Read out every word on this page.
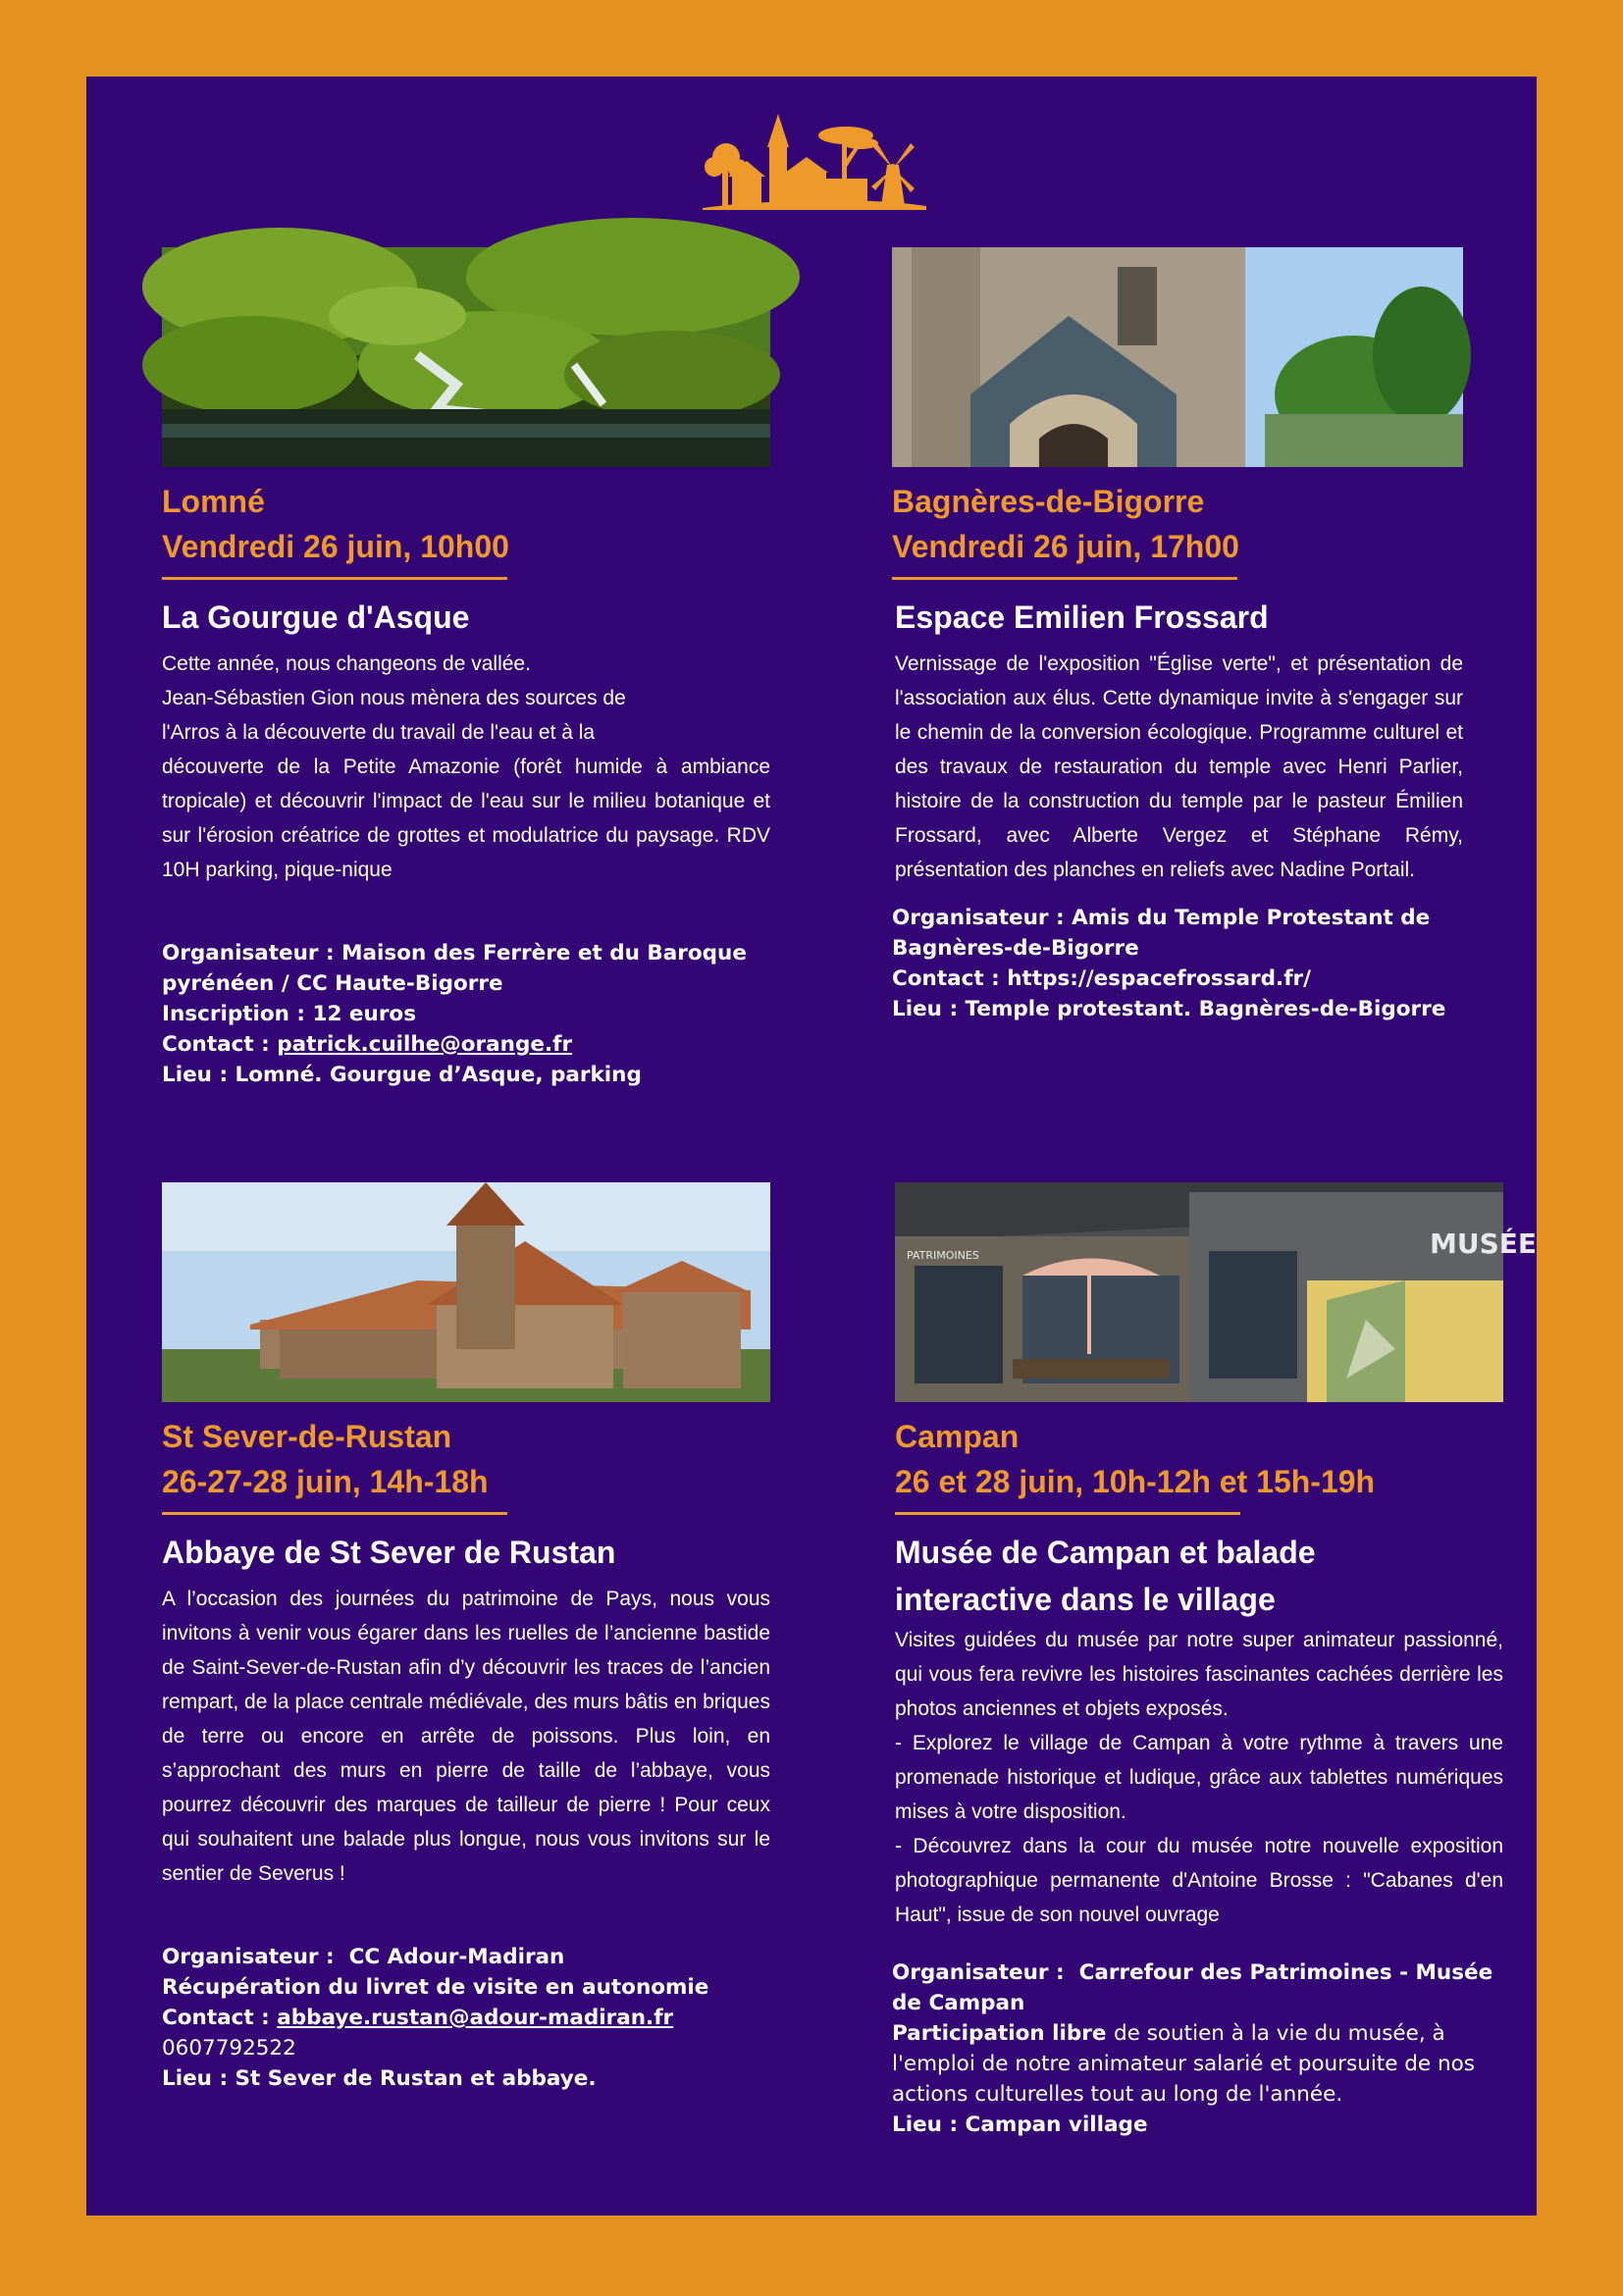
Lomné
Vendredi 26 juin, 10h00
La Gourgue d'Asque

Cette année, nous changeons de vallée.

Jean-Sébastien Gion nous mènera des sources de

l'Arros à la découverte du travail de l'eau et à la

découverte de la Petite Amazonie (forêt humide à ambiance tropicale) et découvrir l'impact de l'eau sur le milieu botanique et sur l'érosion créatrice de grottes et modulatrice du paysage. RDV 10H parking, pique-nique

Organisateur : Maison des Ferrère et du Baroque pyrénéen / CC Haute-Bigorre
Inscription : 12 euros
Contact : patrick.cuilhe@orange.fr
Lieu : Lomné. Gourgue d’Asque, parking
Bagnères-de-Bigorre
Vendredi 26 juin, 17h00
Espace Emilien Frossard

Vernissage de l'exposition "Église verte", et présentation de l'association aux élus. Cette dynamique invite à s'engager sur le chemin de la conversion écologique. Programme culturel et des travaux de restauration du temple avec Henri Parlier, histoire de la construction du temple par le pasteur Émilien Frossard, avec Alberte Vergez et Stéphane Rémy, présentation des planches en reliefs avec Nadine Portail.

Organisateur : Amis du Temple Protestant de Bagnères-de-Bigorre
Contact : https://espacefrossard.fr/
Lieu : Temple protestant. Bagnères-de-Bigorre
St Sever-de-Rustan
26-27-28 juin, 14h-18h
Abbaye de St Sever de Rustan

A l’occasion des journées du patrimoine de Pays, nous vous invitons à venir vous égarer dans les ruelles de l’ancienne bastide de Saint-Sever-de-Rustan afin d’y découvrir les traces de l’ancien rempart, de la place centrale médiévale, des murs bâtis en briques de terre ou encore en arrête de poissons. Plus loin, en s’approchant des murs en pierre de taille de l’abbaye, vous pourrez découvrir des marques de tailleur de pierre ! Pour ceux qui souhaitent une balade plus longue, nous vous invitons sur le sentier de Severus !

Organisateur : CC Adour-Madiran
Récupération du livret de visite en autonomie
Contact : abbaye.rustan@adour-madiran.fr
0607792522
Lieu : St Sever de Rustan et abbaye.
MUSÉE
PATRIMOINES
Campan
26 et 28 juin, 10h-12h et 15h-19h
Musée de Campan et balade
interactive dans le village

Visites guidées du musée par notre super animateur passionné, qui vous fera revivre les histoires fascinantes cachées derrière les photos anciennes et objets exposés.

- Explorez le village de Campan à votre rythme à travers une promenade historique et ludique, grâce aux tablettes numériques mises à votre disposition.

- Découvrez dans la cour du musée notre nouvelle exposition photographique permanente d'Antoine Brosse : "Cabanes d'en Haut", issue de son nouvel ouvrage

Organisateur : Carrefour des Patrimoines - Musée de Campan
Participation libre de soutien à la vie du musée, à l'emploi de notre animateur salarié et poursuite de nos actions culturelles tout au long de l'année.
Lieu : Campan village
